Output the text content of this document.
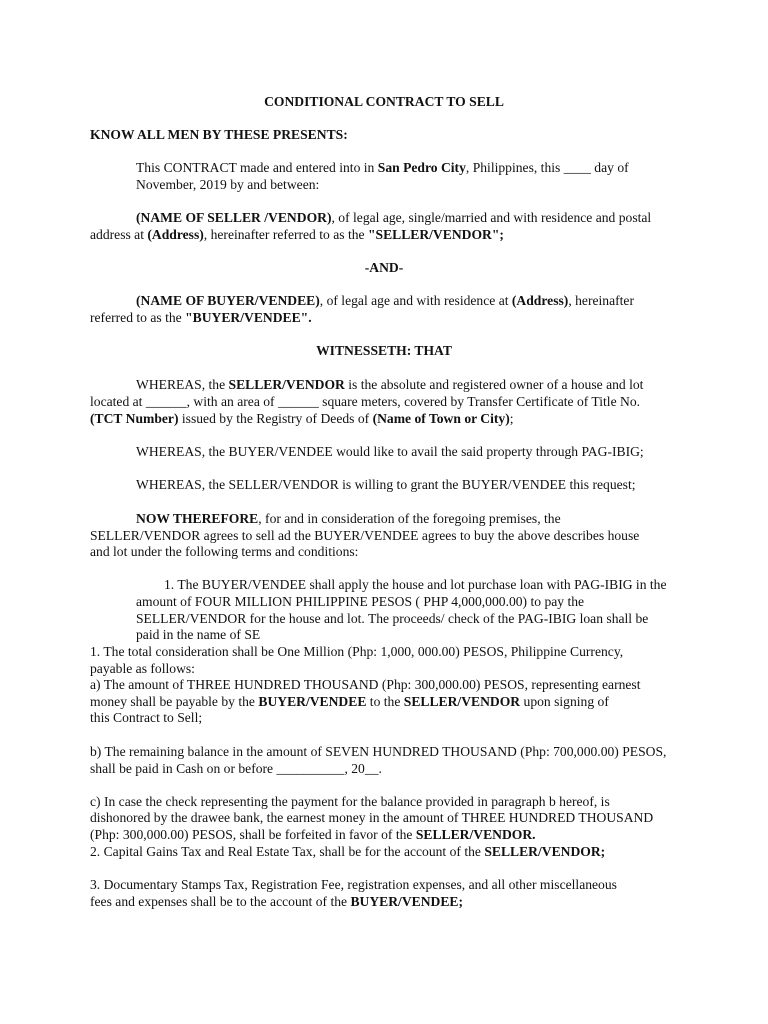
CONDITIONAL CONTRACT TO SELL
KNOW ALL MEN BY THESE PRESENTS:
This CONTRACT made and entered into in San Pedro City, Philippines, this ____ day of
November, 2019 by and between:
(NAME OF SELLER /VENDOR), of legal age, single/married and with residence and postal
address at (Address), hereinafter referred to as the "SELLER/VENDOR";
-AND-
(NAME OF BUYER/VENDEE), of legal age and with residence at (Address), hereinafter
referred to as the "BUYER/VENDEE".
WITNESSETH: THAT
WHEREAS, the SELLER/VENDOR is the absolute and registered owner of a house and lot
located at ______, with an area of ______ square meters, covered by Transfer Certificate of Title No.
(TCT Number) issued by the Registry of Deeds of (Name of Town or City);
WHEREAS, the BUYER/VENDEE would like to avail the said property through PAG-IBIG;
WHEREAS, the SELLER/VENDOR is willing to grant the BUYER/VENDEE this request;
NOW THEREFORE, for and in consideration of the foregoing premises, the
SELLER/VENDOR agrees to sell ad the BUYER/VENDEE agrees to buy the above describes house
and lot under the following terms and conditions:
1. The BUYER/VENDEE shall apply the house and lot purchase loan with PAG-IBIG in the
amount of FOUR MILLION PHILIPPINE PESOS ( PHP 4,000,000.00) to pay the
SELLER/VENDOR for the house and lot. The proceeds/ check of the PAG-IBIG loan shall be
paid in the name of SE
1. The total consideration shall be One Million (Php: 1,000, 000.00) PESOS, Philippine Currency,
payable as follows:
a) The amount of THREE HUNDRED THOUSAND (Php: 300,000.00) PESOS, representing earnest
money shall be payable by the BUYER/VENDEE to the SELLER/VENDOR upon signing of
this Contract to Sell;
b) The remaining balance in the amount of SEVEN HUNDRED THOUSAND (Php: 700,000.00) PESOS,
shall be paid in Cash on or before __________, 20__.
c) In case the check representing the payment for the balance provided in paragraph b hereof, is
dishonored by the drawee bank, the earnest money in the amount of THREE HUNDRED THOUSAND
(Php: 300,000.00) PESOS, shall be forfeited in favor of the SELLER/VENDOR.
2. Capital Gains Tax and Real Estate Tax, shall be for the account of the SELLER/VENDOR;
3. Documentary Stamps Tax, Registration Fee, registration expenses, and all other miscellaneous
fees and expenses shall be to the account of the BUYER/VENDEE;
